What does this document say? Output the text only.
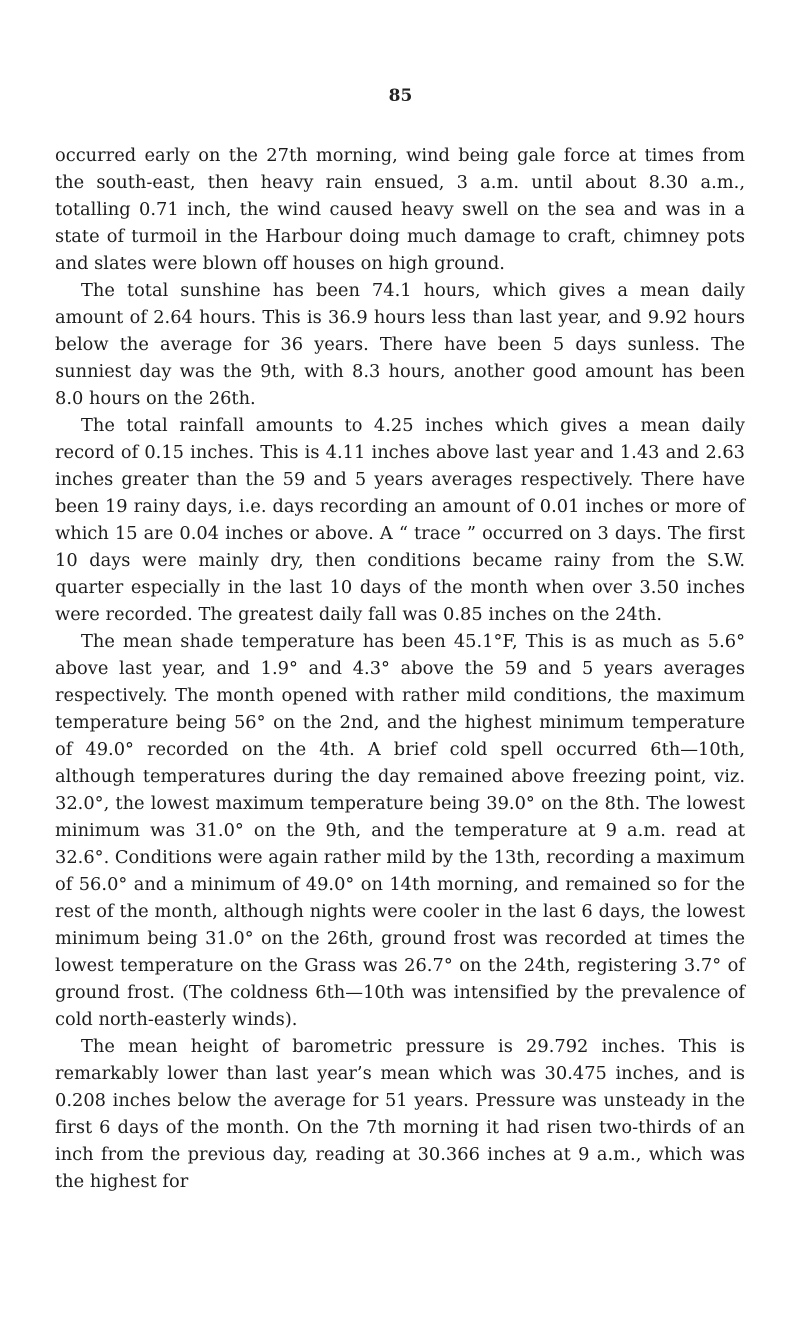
85

occurred early on the 27th morning, wind being gale force at times from the south-east, then heavy rain ensued, 3 a.m. until about 8.30 a.m., totalling 0.71 inch, the wind caused heavy swell on the sea and was in a state of turmoil in the Harbour doing much damage to craft, chimney pots and slates were blown off houses on high ground.

The total sunshine has been 74.1 hours, which gives a mean daily amount of 2.64 hours. This is 36.9 hours less than last year, and 9.92 hours below the average for 36 years. There have been 5 days sunless. The sunniest day was the 9th, with 8.3 hours, another good amount has been 8.0 hours on the 26th.

The total rainfall amounts to 4.25 inches which gives a mean daily record of 0.15 inches. This is 4.11 inches above last year and 1.43 and 2.63 inches greater than the 59 and 5 years averages respectively. There have been 19 rainy days, i.e. days recording an amount of 0.01 inches or more of which 15 are 0.04 inches or above. A “ trace ” occurred on 3 days. The first 10 days were mainly dry, then conditions became rainy from the S.W. quarter especially in the last 10 days of the month when over 3.50 inches were recorded. The greatest daily fall was 0.85 inches on the 24th.

The mean shade temperature has been 45.1°F, This is as much as 5.6° above last year, and 1.9° and 4.3° above the 59 and 5 years averages respectively. The month opened with rather mild conditions, the maximum temperature being 56° on the 2nd, and the highest minimum temperature of 49.0° recorded on the 4th. A brief cold spell occurred 6th—10th, although temperatures during the day remained above freezing point, viz. 32.0°, the lowest maximum temperature being 39.0° on the 8th. The lowest minimum was 31.0° on the 9th, and the temperature at 9 a.m. read at 32.6°. Conditions were again rather mild by the 13th, recording a maximum of 56.0° and a minimum of 49.0° on 14th morning, and remained so for the rest of the month, although nights were cooler in the last 6 days, the lowest minimum being 31.0° on the 26th, ground frost was recorded at times the lowest temperature on the Grass was 26.7° on the 24th, registering 3.7° of ground frost. (The coldness 6th—10th was intensified by the prevalence of cold north-easterly winds).

The mean height of barometric pressure is 29.792 inches. This is remarkably lower than last year’s mean which was 30.475 inches, and is 0.208 inches below the average for 51 years. Pressure was unsteady in the first 6 days of the month. On the 7th morning it had risen two-thirds of an inch from the previous day, reading at 30.366 inches at 9 a.m., which was the highest for
